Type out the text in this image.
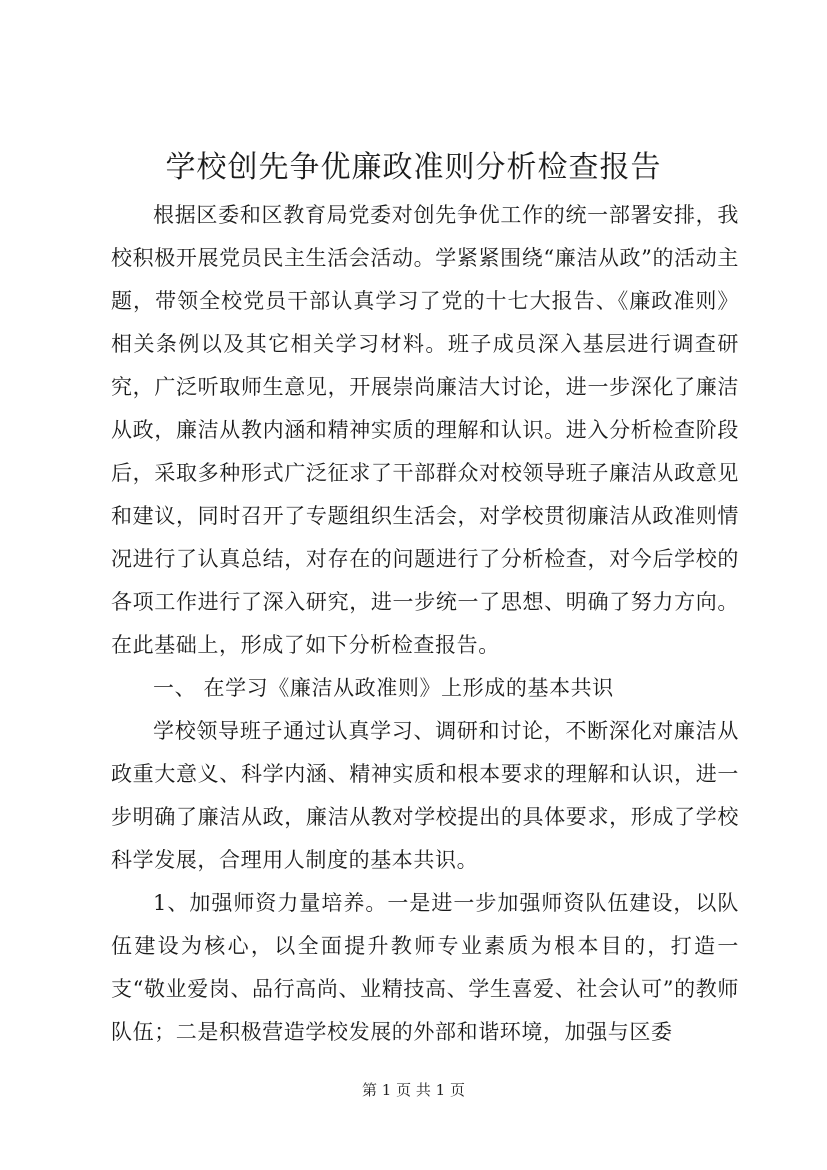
学校创先争优廉政准则分析检查报告

根据区委和区教育局党委对创先争优工作的统一部署安排，我校积极开展党员民主生活会活动。学紧紧围绕“廉洁从政”的活动主题，带领全校党员干部认真学习了党的十七大报告、《廉政准则》相关条例以及其它相关学习材料。班子成员深入基层进行调查研究，广泛听取师生意见，开展崇尚廉洁大讨论，进一步深化了廉洁从政，廉洁从教内涵和精神实质的理解和认识。进入分析检查阶段后，采取多种形式广泛征求了干部群众对校领导班子廉洁从政意见和建议，同时召开了专题组织生活会，对学校贯彻廉洁从政准则情况进行了认真总结，对存在的问题进行了分析检查，对今后学校的各项工作进行了深入研究，进一步统一了思想、明确了努力方向。在此基础上，形成了如下分析检查报告。

一、 在学习《廉洁从政准则》上形成的基本共识

学校领导班子通过认真学习、调研和讨论，不断深化对廉洁从政重大意义、科学内涵、精神实质和根本要求的理解和认识，进一步明确了廉洁从政，廉洁从教对学校提出的具体要求，形成了学校科学发展，合理用人制度的基本共识。

1、加强师资力量培养。一是进一步加强师资队伍建设，以队伍建设为核心，以全面提升教师专业素质为根本目的，打造一支“敬业爱岗、品行高尚、业精技高、学生喜爱、社会认可”的教师队伍；二是积极营造学校发展的外部和谐环境，加强与区委

第 1 页 共 1 页
